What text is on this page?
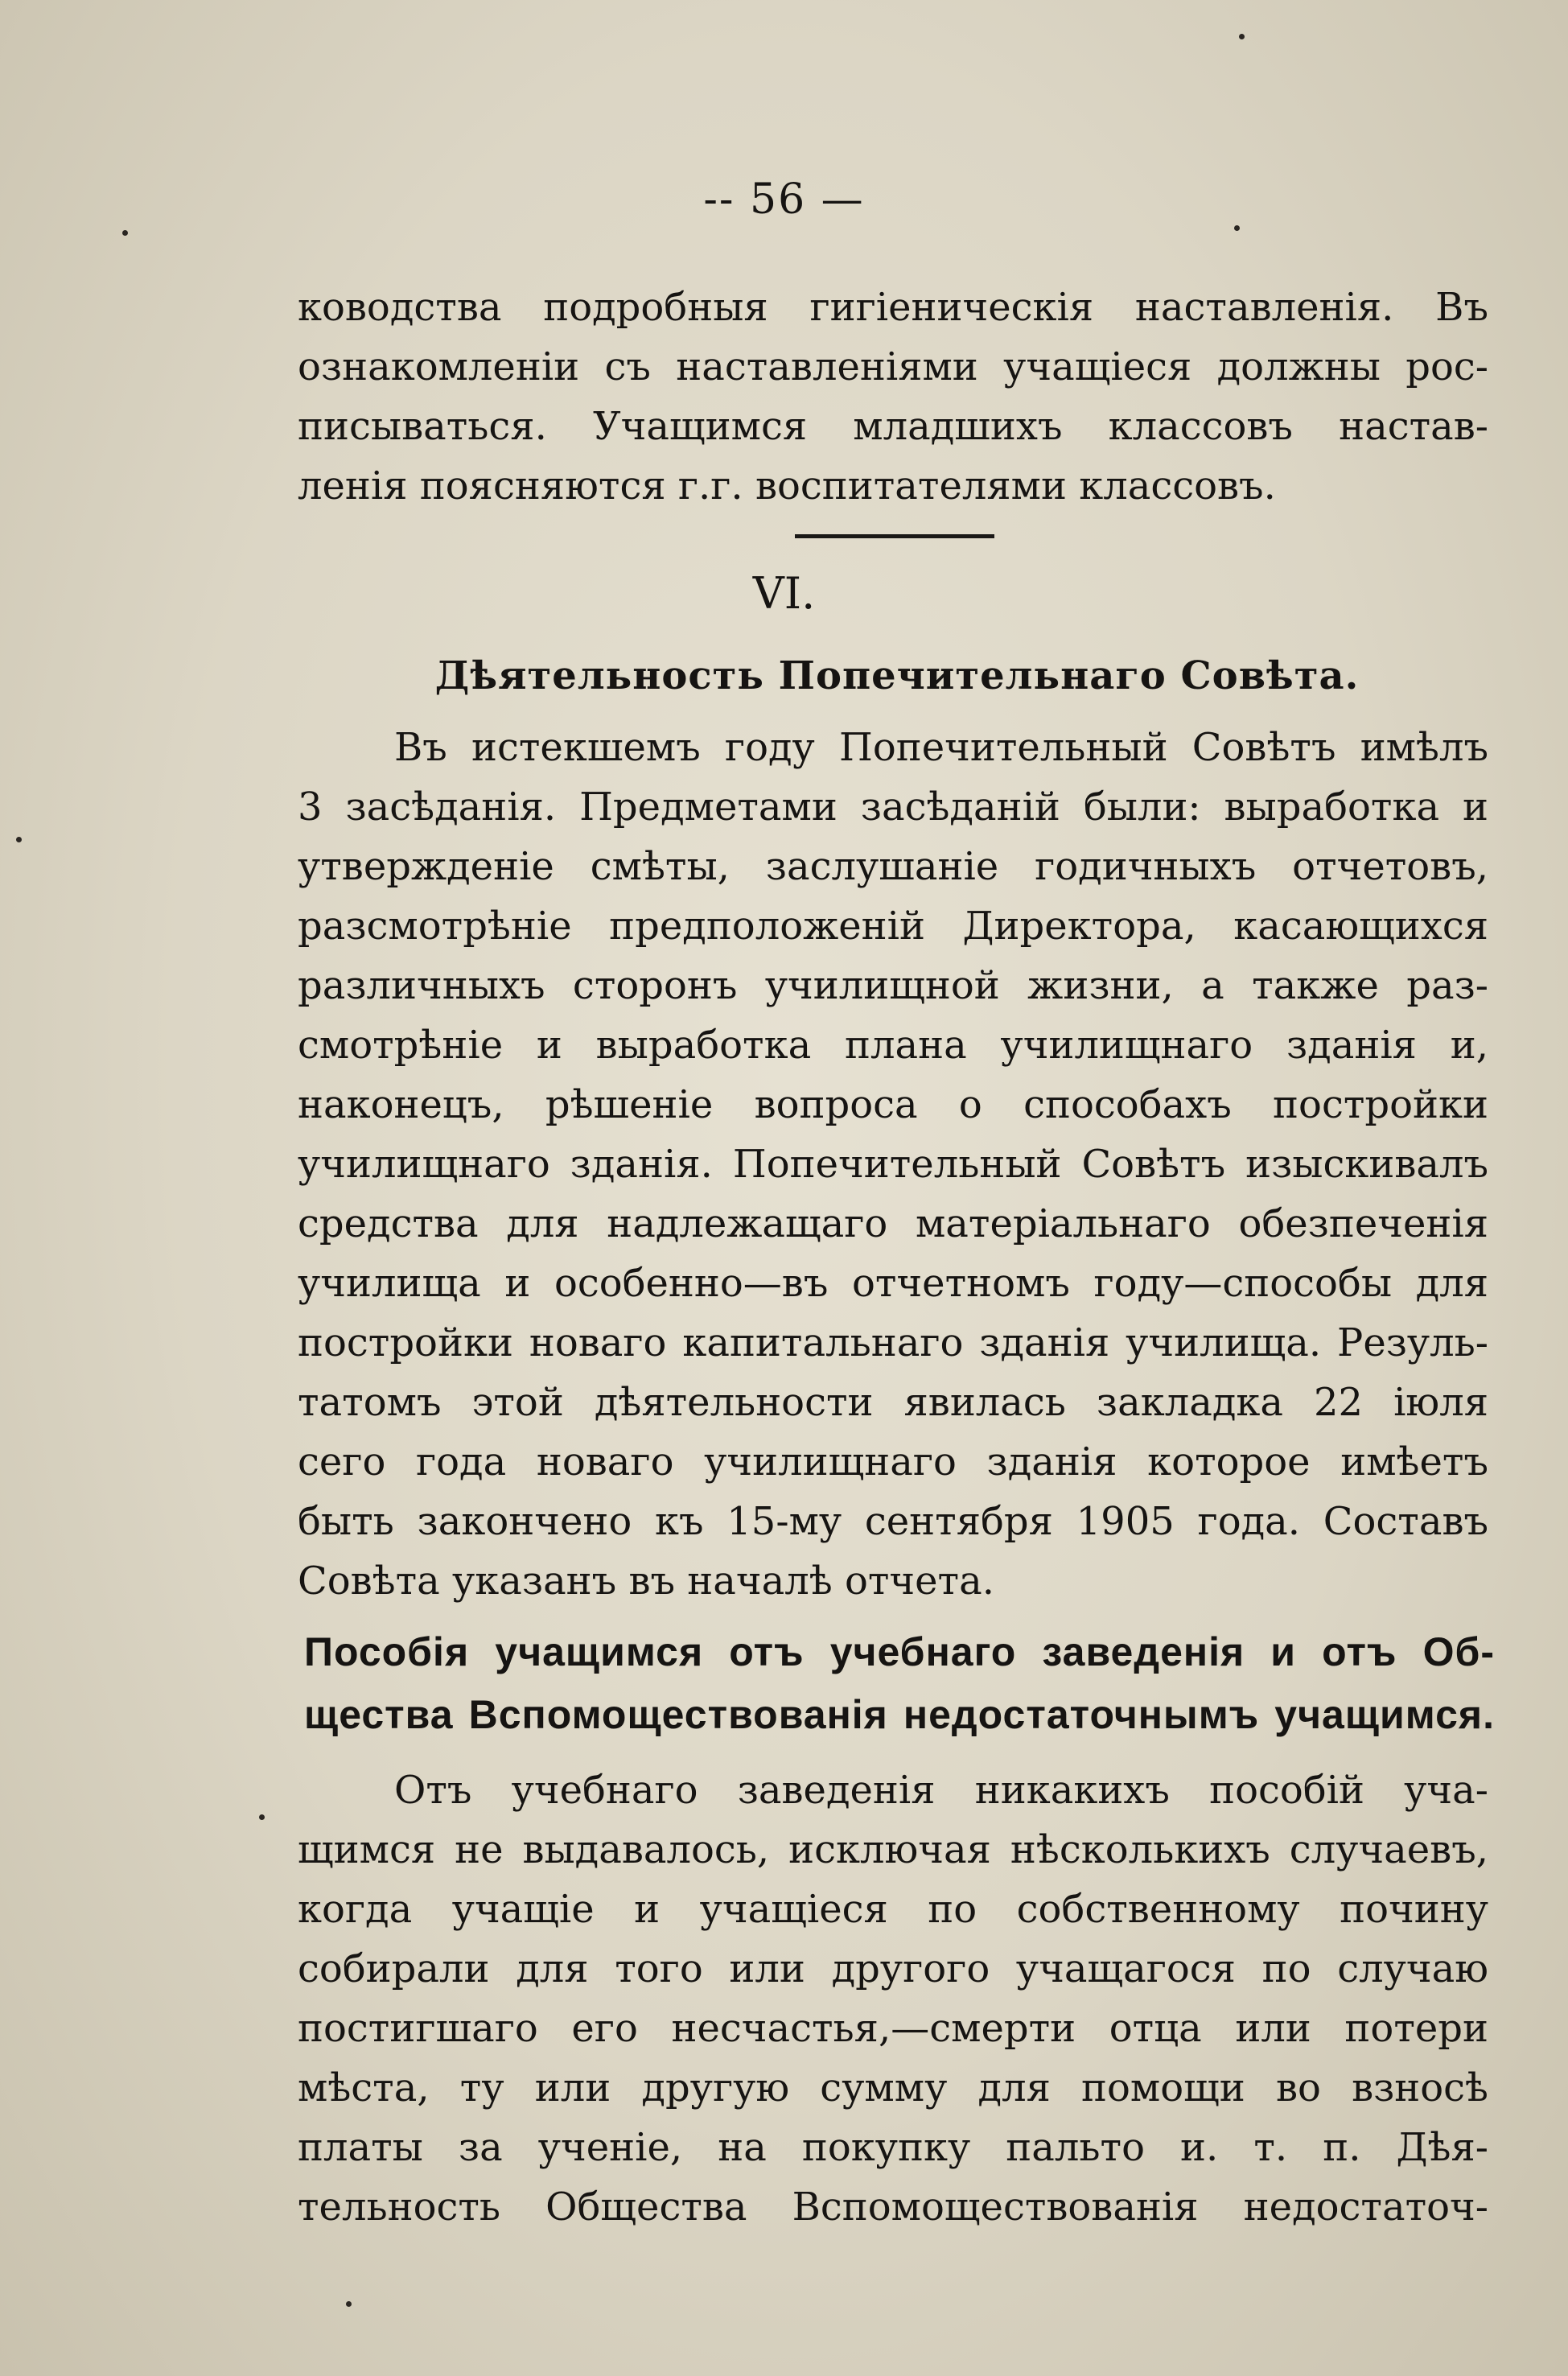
-- 56 —
ководства подробныя гигіеническія наставленія. Въ
ознакомленіи съ наставленіями учащіеся должны рос-
писываться. Учащимся младшихъ классовъ настав-
ленія поясняются г.г. воспитателями классовъ.
VI.
Дѣятельность Попечительнаго Совѣта.
Въ истекшемъ году Попечительный Совѣтъ имѣлъ
3 засѣданія. Предметами засѣданій были: выработка и
утвержденіе смѣты, заслушаніе годичныхъ отчетовъ,
разсмотрѣніе предположеній Директора, касающихся
различныхъ сторонъ училищной жизни, а также раз-
смотрѣніе и выработка плана училищнаго зданія и,
наконецъ, рѣшеніе вопроса о способахъ постройки
училищнаго зданія. Попечительный Совѣтъ изыскивалъ
средства для надлежащаго матеріальнаго обезпеченія
училища и особенно—въ отчетномъ году—способы для
постройки новаго капитальнаго зданія училища. Резуль-
татомъ этой дѣятельности явилась закладка 22 іюля
сего года новаго училищнаго зданія которое имѣетъ
быть закончено къ 15-му сентября 1905 года. Составъ
Совѣта указанъ въ началѣ отчета.
Пособія учащимся отъ учебнаго заведенія и отъ Об-
щества Вспомоществованія недостаточнымъ учащимся.
Отъ учебнаго заведенія никакихъ пособій уча-
щимся не выдавалось, исключая нѣсколькихъ случаевъ,
когда учащіе и учащіеся по собственному почину
собирали для того или другого учащагося по случаю
постигшаго его несчастья,—смерти отца или потери
мѣста, ту или другую сумму для помощи во взносѣ
платы за ученіе, на покупку пальто и. т. п. Дѣя-
тельность Общества Вспомоществованія недостаточ-
